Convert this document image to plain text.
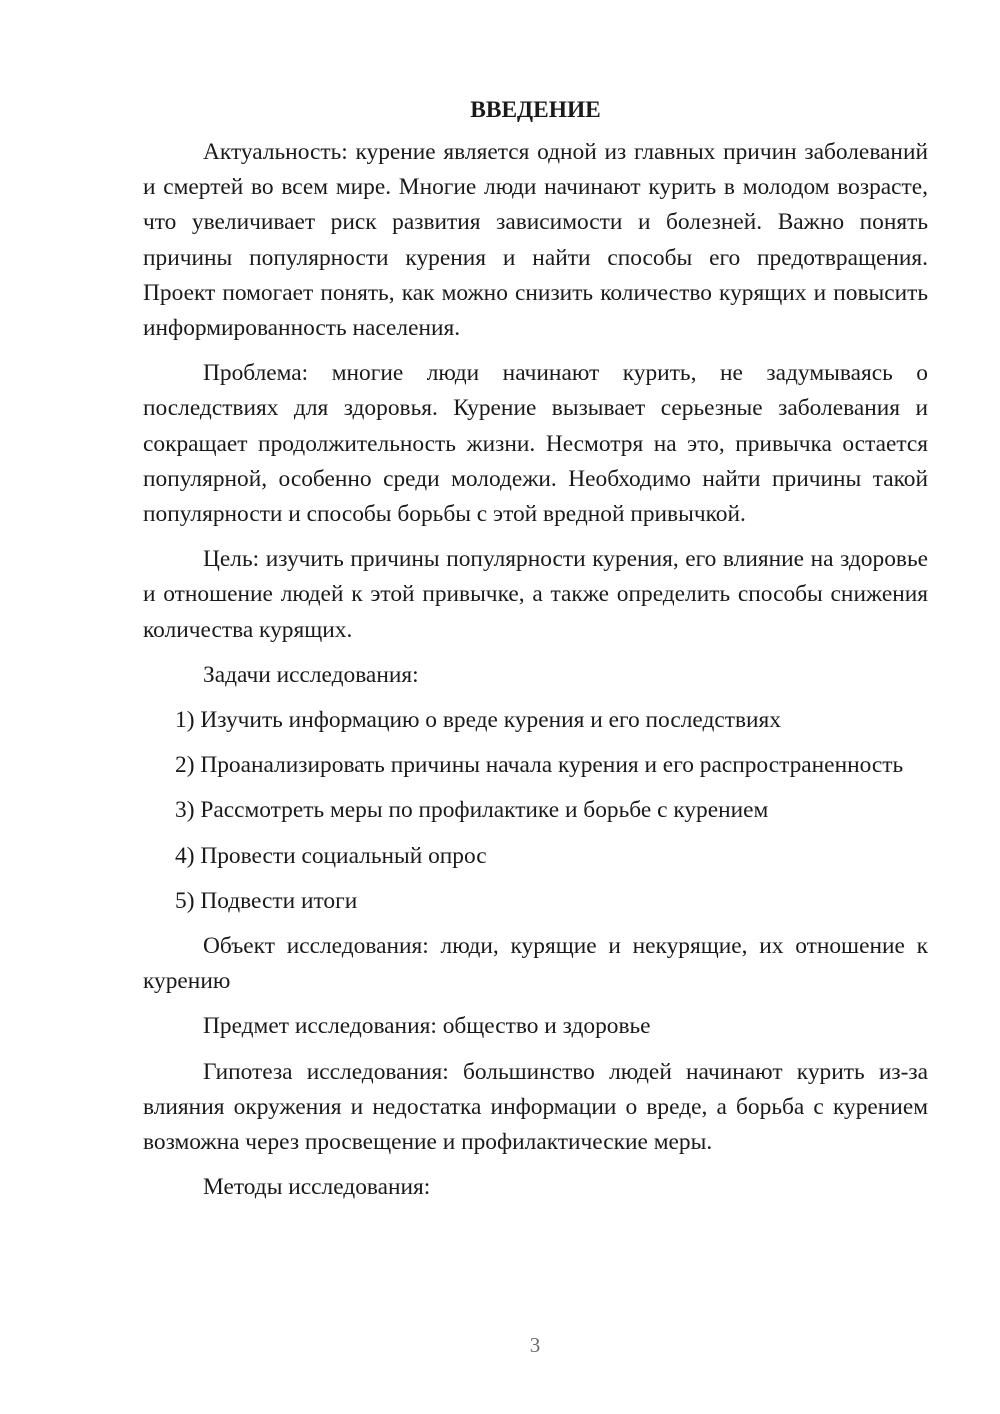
ВВЕДЕНИЕ

Актуальность: курение является одной из главных причин заболеваний и смертей во всем мире. Многие люди начинают курить в молодом возрасте, что увеличивает риск развития зависимости и болезней. Важно понять причины популярности курения и найти способы его предотвращения. Проект помогает понять, как можно снизить количество курящих и повысить информированность населения.

Проблема: многие люди начинают курить, не задумываясь о последствиях для здоровья. Курение вызывает серьезные заболевания и сокращает продолжительность жизни. Несмотря на это, привычка остается популярной, особенно среди молодежи. Необходимо найти причины такой популярности и способы борьбы с этой вредной привычкой.

Цель: изучить причины популярности курения, его влияние на здоровье и отношение людей к этой привычке, а также определить способы снижения количества курящих.

Задачи исследования:

1) Изучить информацию о вреде курения и его последствиях

2) Проанализировать причины начала курения и его распространенность

3) Рассмотреть меры по профилактике и борьбе с курением

4) Провести социальный опрос

5) Подвести итоги

Объект исследования: люди, курящие и некурящие, их отношение к курению

Предмет исследования: общество и здоровье

Гипотеза исследования: большинство людей начинают курить из-за влияния окружения и недостатка информации о вреде, а борьба с курением возможна через просвещение и профилактические меры.

Методы исследования:

3
